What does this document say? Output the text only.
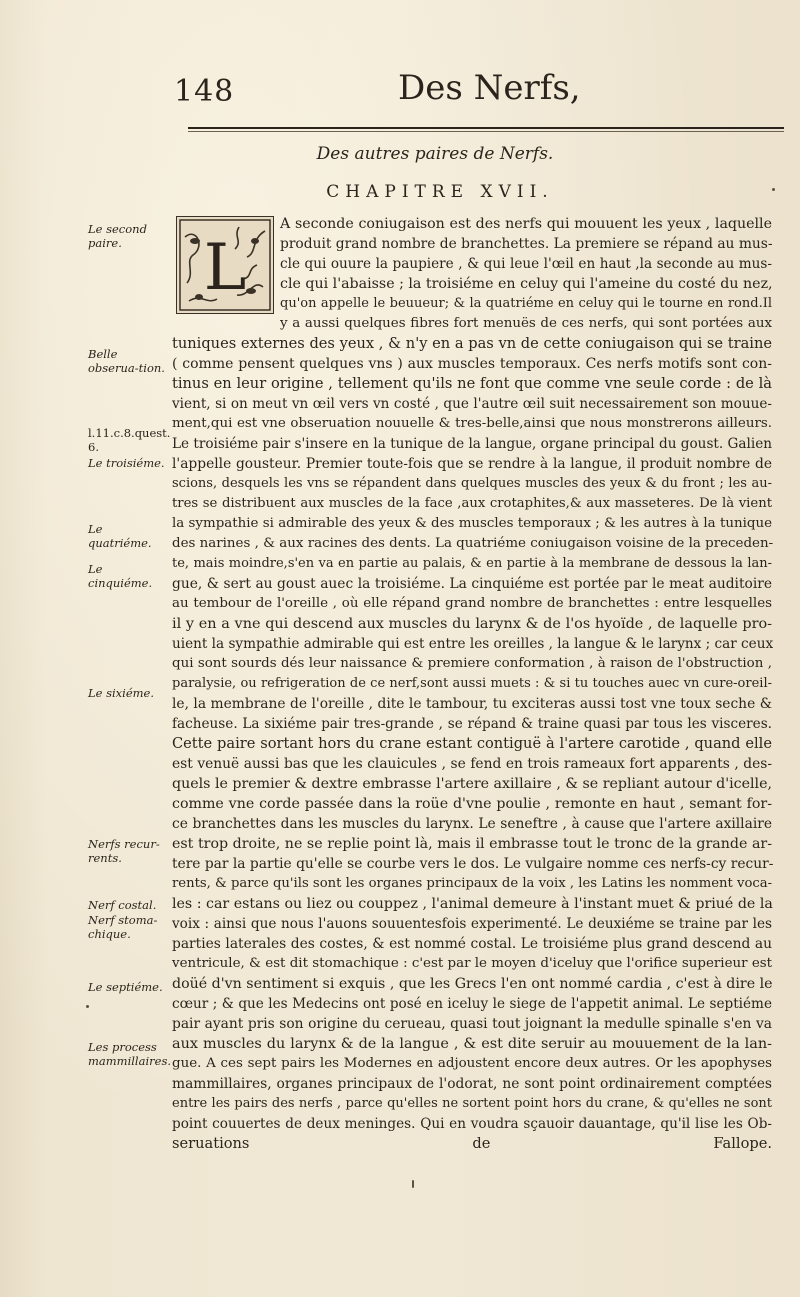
148	Des Nerfs,
Des autres paires de Nerfs.
CHAPITRE XVII.
L
Le second paire.
Belle obserua-tion.
l.11.c.8.quest. 6.
Le troisiéme.
Le quatriéme.
Le cinquiéme.
Le sixiéme.
Nerfs recur-rents.
Nerf costal.
Nerf stoma-chique.
Le septiéme.
Les process mammillaires.
A seconde coniugaison est des nerfs qui mouuent les yeux , laquelle
produit grand nombre de branchettes. La premiere se répand au mus-
cle qui ouure la paupiere , & qui leue l'œil en haut ,la seconde au mus-
cle qui l'abaisse ; la troisiéme en celuy qui l'ameine du costé du nez,
qu'on appelle le beuueur; & la quatriéme en celuy qui le tourne en rond.Il
y a aussi quelques fibres fort menuës de ces nerfs, qui sont portées aux
tuniques externes des yeux , & n'y en a pas vn de cette coniugaison qui se traine
( comme pensent quelques vns ) aux muscles temporaux. Ces nerfs motifs sont con-
tinus en leur origine , tellement qu'ils ne font que comme vne seule corde : de là
vient, si on meut vn œil vers vn costé , que l'autre œil suit necessairement son mouue-
ment,qui est vne obseruation nouuelle & tres-belle,ainsi que nous monstrerons ailleurs.
Le troisiéme pair s'insere en la tunique de la langue, organe principal du goust. Galien
l'appelle gousteur. Premier toute-fois que se rendre à la langue, il produit nombre de
scions, desquels les vns se répandent dans quelques muscles des yeux & du front ; les au-
tres se distribuent aux muscles de la face ,aux crotaphites,& aux masseteres. De là vient
la sympathie si admirable des yeux & des muscles temporaux ; & les autres à la tunique
des narines , & aux racines des dents. La quatriéme coniugaison voisine de la preceden-
te, mais moindre,s'en va en partie au palais, & en partie à la membrane de dessous la lan-
gue, & sert au goust auec la troisiéme. La cinquiéme est portée par le meat auditoire
au tembour de l'oreille , où elle répand grand nombre de branchettes : entre lesquelles
il y en a vne qui descend aux muscles du larynx & de l'os hyoïde , de laquelle pro-
uient la sympathie admirable qui est entre les oreilles , la langue & le larynx ; car ceux
qui sont sourds dés leur naissance & premiere conformation , à raison de l'obstruction ,
paralysie, ou refrigeration de ce nerf,sont aussi muets : & si tu touches auec vn cure-oreil-
le, la membrane de l'oreille , dite le tambour, tu exciteras aussi tost vne toux seche &
facheuse. La sixiéme pair tres-grande , se répand & traine quasi par tous les visceres.
Cette paire sortant hors du crane estant contiguë à l'artere carotide , quand elle
est venuë aussi bas que les clauicules , se fend en trois rameaux fort apparents , des-
quels le premier & dextre embrasse l'artere axillaire , & se repliant autour d'icelle,
comme vne corde passée dans la roüe d'vne poulie , remonte en haut , semant for-
ce branchettes dans les muscles du larynx. Le seneftre , à cause que l'artere axillaire
est trop droite, ne se replie point là, mais il embrasse tout le tronc de la grande ar-
tere par la partie qu'elle se courbe vers le dos. Le vulgaire nomme ces nerfs-cy recur-
rents, & parce qu'ils sont les organes principaux de la voix , les Latins les nomment voca-
les : car estans ou liez ou couppez , l'animal demeure à l'instant muet & priué de la
voix : ainsi que nous l'auons souuentesfois experimenté. Le deuxiéme se traine par les
parties laterales des costes, & est nommé costal. Le troisiéme plus grand descend au
ventricule, & est dit stomachique : c'est par le moyen d'iceluy que l'orifice superieur est
doüé d'vn sentiment si exquis , que les Grecs l'en ont nommé cardia , c'est à dire le
cœur ; & que les Medecins ont posé en iceluy le siege de l'appetit animal. Le septiéme
pair ayant pris son origine du cerueau, quasi tout joignant la medulle spinalle s'en va
aux muscles du larynx & de la langue , & est dite seruir au mouuement de la lan-
gue. A ces sept pairs les Modernes en adjoustent encore deux autres. Or les apophyses
mammillaires, organes principaux de l'odorat, ne sont point ordinairement comptées
entre les pairs des nerfs , parce qu'elles ne sortent point hors du crane, & qu'elles ne sont
point couuertes de deux meninges. Qui en voudra sçauoir dauantage, qu'il lise les Ob-
seruations de Fallope.
